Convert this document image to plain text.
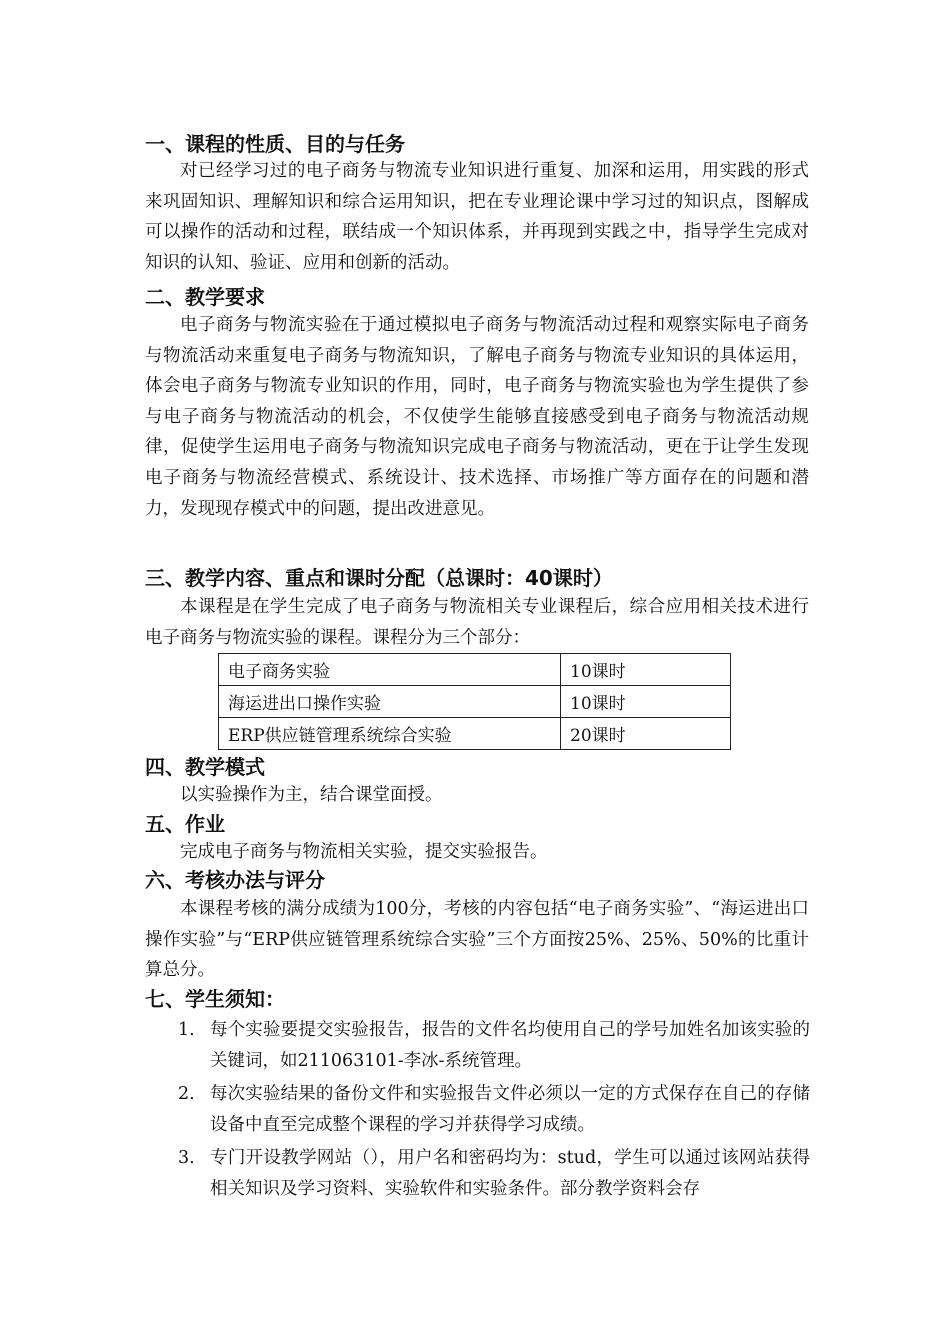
一、课程的性质、目的与任务
对已经学习过的电子商务与物流专业知识进行重复、加深和运用，用实践的形式来巩固知识、理解知识和综合运用知识，把在专业理论课中学习过的知识点，图解成可以操作的活动和过程，联结成一个知识体系，并再现到实践之中，指导学生完成对知识的认知、验证、应用和创新的活动。
二、教学要求
电子商务与物流实验在于通过模拟电子商务与物流活动过程和观察实际电子商务与物流活动来重复电子商务与物流知识，了解电子商务与物流专业知识的具体运用，体会电子商务与物流专业知识的作用，同时，电子商务与物流实验也为学生提供了参与电子商务与物流活动的机会，不仅使学生能够直接感受到电子商务与物流活动规律，促使学生运用电子商务与物流知识完成电子商务与物流活动，更在于让学生发现电子商务与物流经营模式、系统设计、技术选择、市场推广等方面存在的问题和潜力，发现现存模式中的问题，提出改进意见。
三、教学内容、重点和课时分配（总课时：40课时）
本课程是在学生完成了电子商务与物流相关专业课程后，综合应用相关技术进行电子商务与物流实验的课程。课程分为三个部分：
电子商务实验	10课时
海运进出口操作实验	10课时
ERP供应链管理系统综合实验	20课时
四、教学模式
以实验操作为主，结合课堂面授。
五、作业
完成电子商务与物流相关实验，提交实验报告。
六、考核办法与评分
本课程考核的满分成绩为100分，考核的内容包括“电子商务实验”、“海运进出口操作实验”与“ERP供应链管理系统综合实验”三个方面按25%、25%、50%的比重计算总分。
七、学生须知：
1. 每个实验要提交实验报告，报告的文件名均使用自己的学号加姓名加该实验的关键词，如211063101-李冰-系统管理。
2. 每次实验结果的备份文件和实验报告文件必须以一定的方式保存在自己的存储设备中直至完成整个课程的学习并获得学习成绩。
3. 专门开设教学网站（），用户名和密码均为：stud，学生可以通过该网站获得相关知识及学习资料、实验软件和实验条件。部分教学资料会存
